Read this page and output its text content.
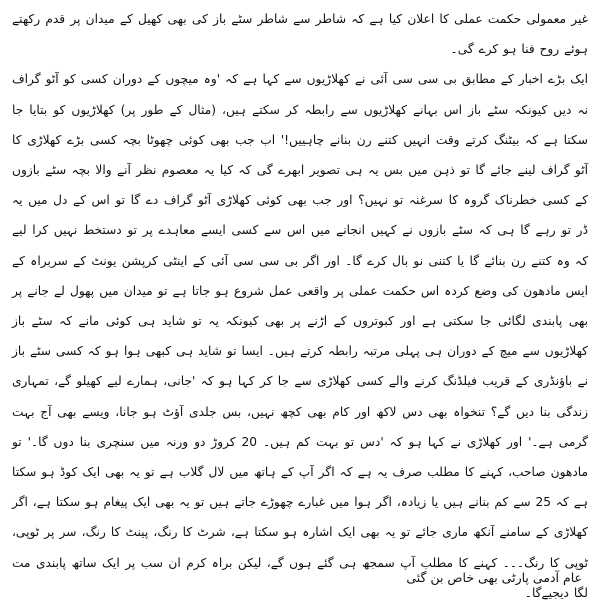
غیر معمولی حکمت عملی کا اعلان کیا ہے کہ شاطر سے شاطر سٹے باز کی بھی کھیل کے میدان پر قدم رکھتے ہوئے روح فنا ہو کرے گی۔

ایک بڑے اخبار کے مطابق بی سی سی آئی نے کھلاڑیوں سے کہا ہے کہ 'وہ میچوں کے دوران کسی کو آٹو گراف نہ دیں کیونکہ سٹے باز اس بہانے کھلاڑیوں سے رابطہ کر سکتے ہیں، (مثال کے طور پر) کھلاڑیوں کو بتایا جا سکتا ہے کہ بیٹنگ کرتے وقت انہیں کتنے رن بنانے چاہییں!' اب جب بھی کوئی چھوٹا بچہ کسی بڑے کھلاڑی کا آٹو گراف لینے جائے گا تو ذہن میں بس یہ ہی تصویر ابھرے گی کہ کیا یہ معصوم نظر آنے والا بچہ سٹے بازوں کے کسی خطرناک گروہ کا سرغنہ تو نہیں؟ اور جب بھی کوئی کھلاڑی آٹو گراف دے گا تو اس کے دل میں یہ ڈر تو رہے گا ہی کہ سٹے بازوں نے کہیں انجانے میں اس سے کسی ایسے معاہدے پر تو دستخط نہیں کرا لیے کہ وہ کتنے رن بنائے گا یا کتنی نو بال کرے گا۔ اور اگر بی سی سی آئی کے اینٹی کرپشن یونٹ کے سربراہ کے ایس مادھون کی وضع کردہ اس حکمت عملی پر واقعی عمل شروع ہو جاتا ہے تو میدان میں پھول لے جانے پر بھی پابندی لگائی جا سکتی ہے اور کبوتروں کے اڑنے پر بھی کیونکہ یہ تو شاید ہی کوئی مانے کہ سٹے باز کھلاڑیوں سے میچ کے دوران ہی پہلی مرتبہ رابطہ کرتے ہیں۔ ایسا تو شاید ہی کبھی ہوا ہو کہ کسی سٹے باز نے باؤنڈری کے قریب فیلڈنگ کرنے والے کسی کھلاڑی سے جا کر کہا ہو کہ 'جانی، ہمارے لیے کھیلو گے، تمہاری زندگی بنا دیں گے؟ تنخواہ بھی دس لاکھ اور کام بھی کچھ نہیں، بس جلدی آؤٹ ہو جانا، ویسے بھی آج بہت گرمی ہے۔' اور کھلاڑی نے کہا ہو کہ 'دس تو بہت کم ہیں۔ 20 کروڑ دو ورنہ میں سنچری بنا دوں گا۔' تو مادھون صاحب، کہنے کا مطلب صرف یہ ہے کہ اگر آپ کے ہاتھ میں لال گلاب ہے تو یہ بھی ایک کوڈ ہو سکتا ہے کہ 25 سے کم بنانے ہیں یا زیادہ، اگر ہوا میں غبارے چھوڑے جاتے ہیں تو یہ بھی ایک پیغام ہو سکتا ہے، اگر کھلاڑی کے سامنے آنکھ ماری جائے تو یہ بھی ایک اشارہ ہو سکتا ہے، شرٹ کا رنگ، پینٹ کا رنگ، سر پر ٹوپی، ٹوپی کا رنگ۔۔۔ کہنے کا مطلب آپ سمجھ ہی گئے ہوں گے، لیکن براہ کرم ان سب پر ایک ساتھ پابندی مت لگا دیجیےگا۔

عام آدمی پارٹی بھی خاص بن گئی
